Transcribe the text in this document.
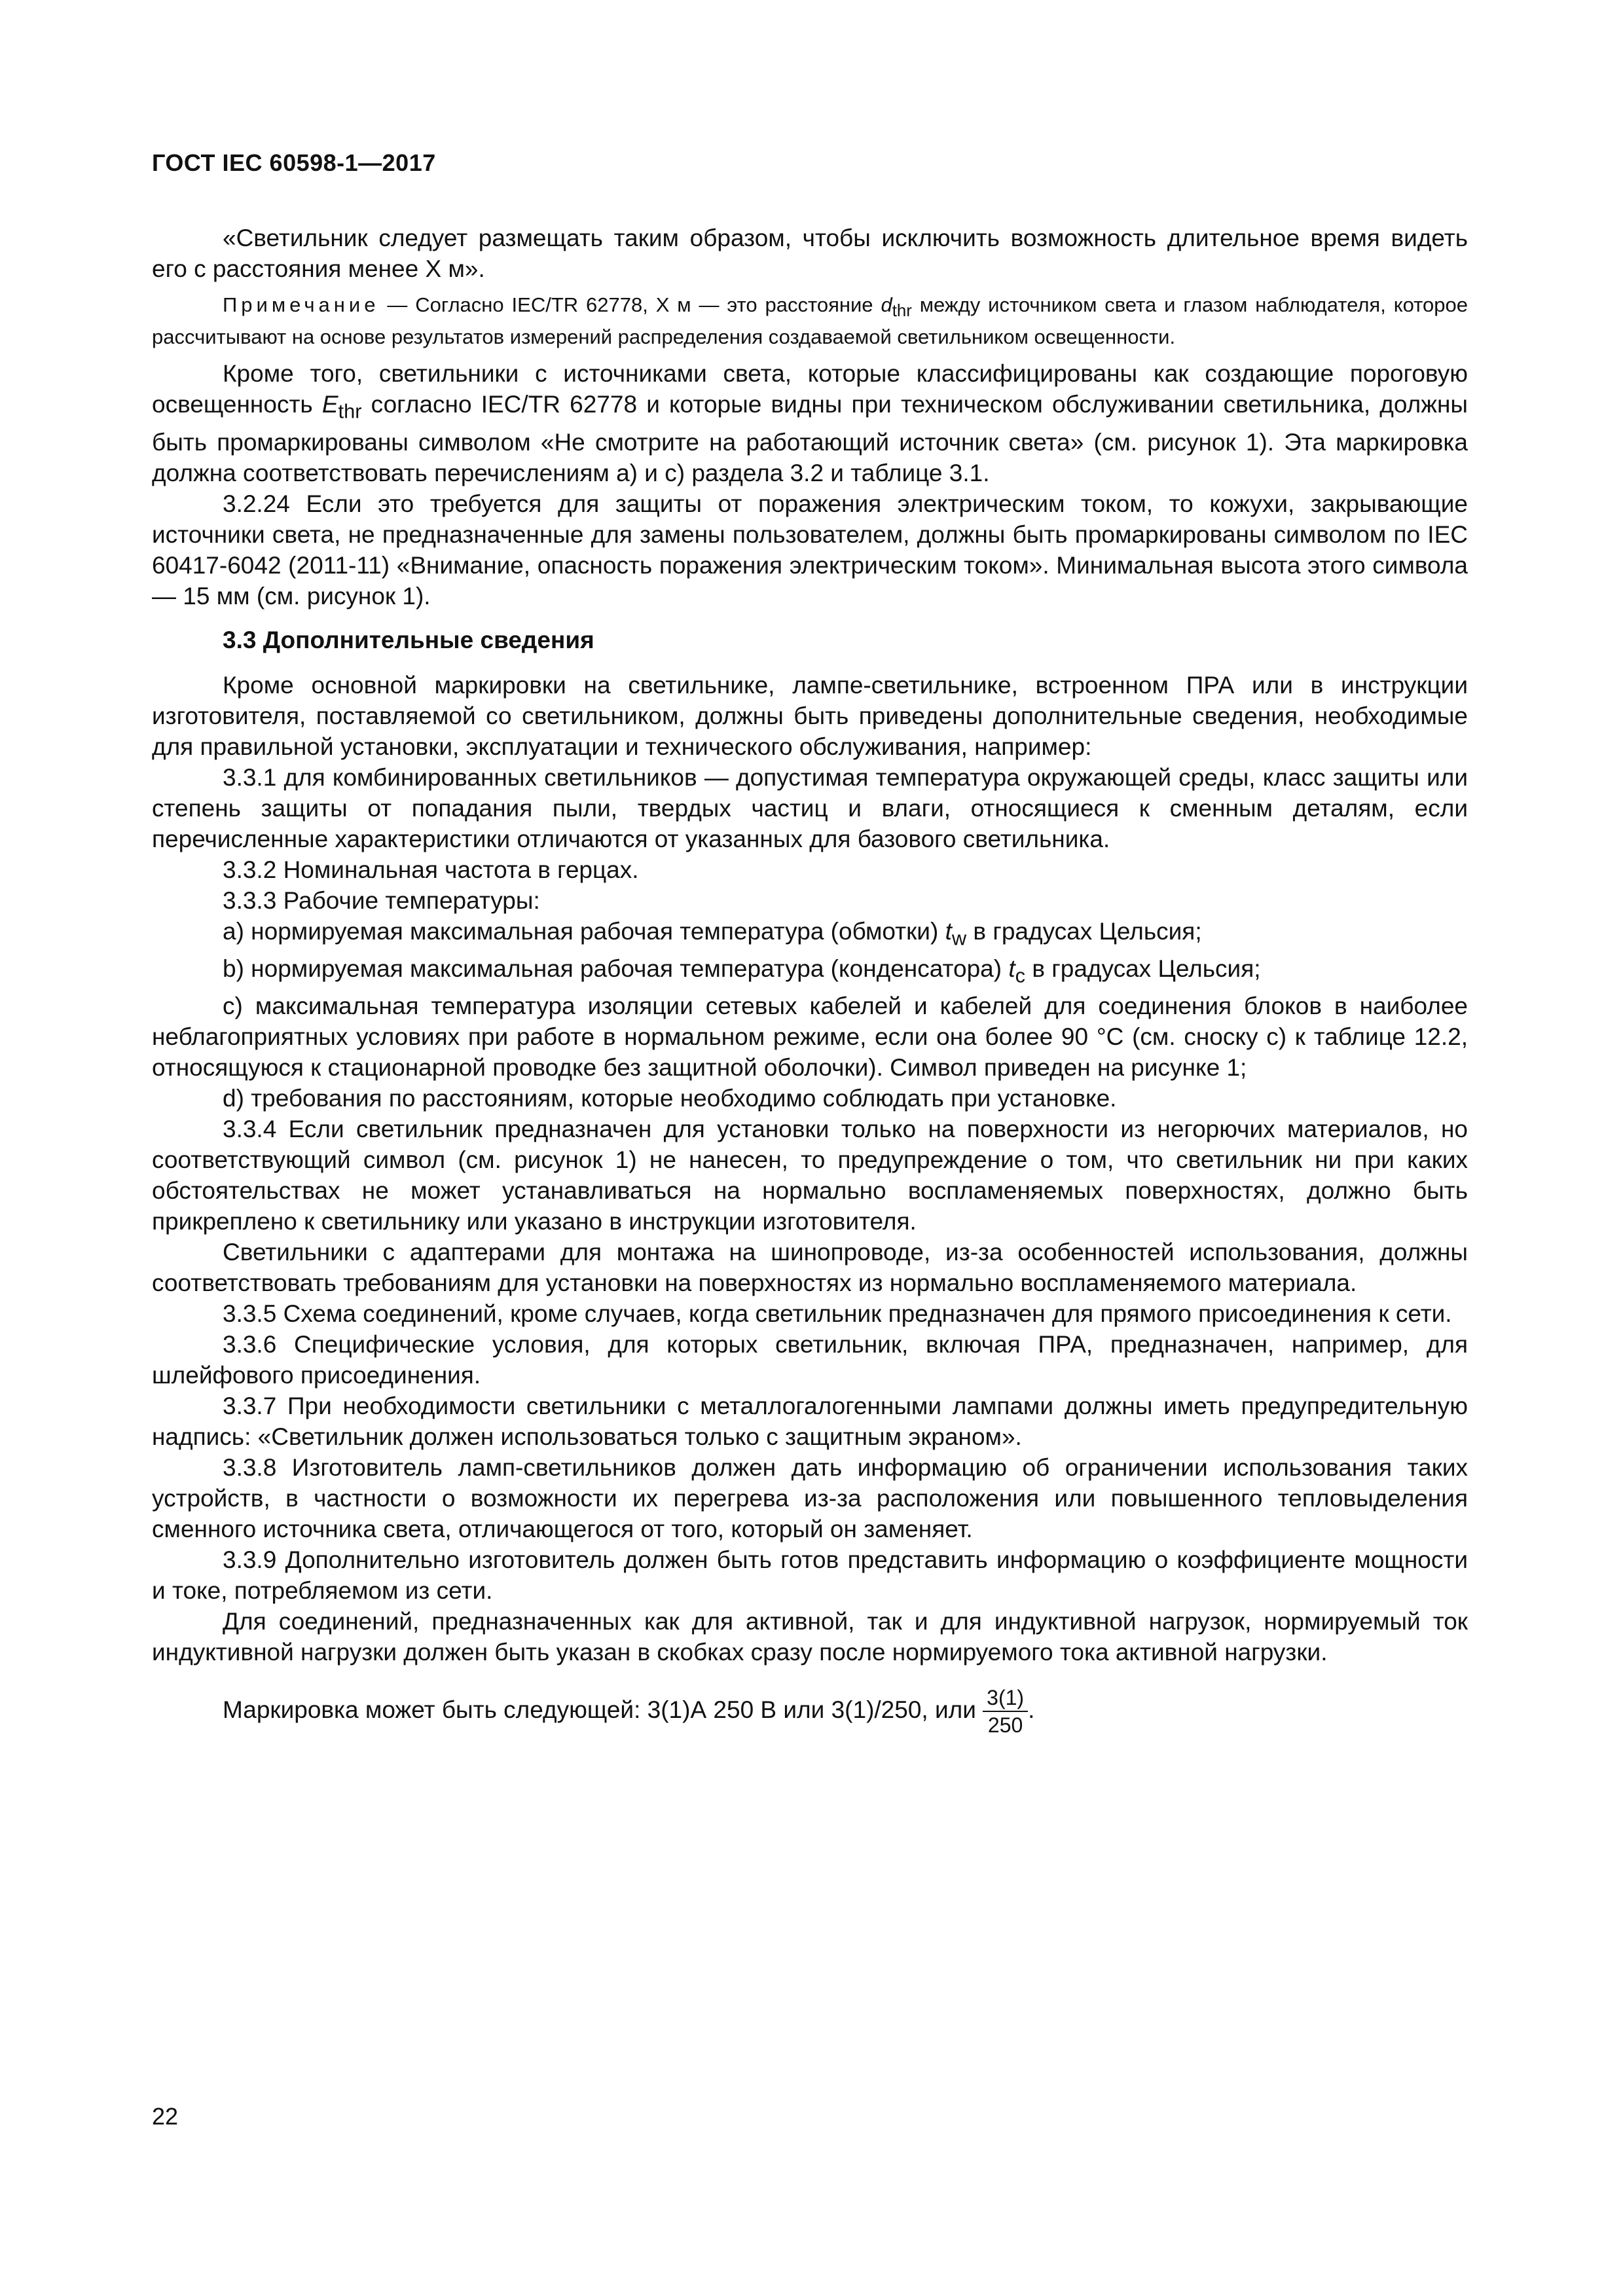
ГОСТ IEC 60598-1—2017

«Светильник следует размещать таким образом, чтобы исключить возможность длительное время видеть его с расстояния менее X м».

Примечание — Согласно IEC/TR 62778, X м — это расстояние $d_{thr}$ между источником света и глазом наблюдателя, которое рассчитывают на основе результатов измерений распределения создаваемой светильником освещенности.

Кроме того, светильники с источниками света, которые классифицированы как создающие пороговую освещенность $E_{thr}$ согласно IEC/TR 62778 и которые видны при техническом обслуживании светильника, должны быть промаркированы символом «Не смотрите на работающий источник света» (см. рисунок 1). Эта маркировка должна соответствовать перечислениям а) и с) раздела 3.2 и таблице 3.1.

3.2.24 Если это требуется для защиты от поражения электрическим током, то кожухи, закрывающие источники света, не предназначенные для замены пользователем, должны быть промаркированы символом по IEC 60417-6042 (2011-11) «Внимание, опасность поражения электрическим током». Минимальная высота этого символа — 15 мм (см. рисунок 1).

3.3 Дополнительные сведения

Кроме основной маркировки на светильнике, лампе-светильнике, встроенном ПРА или в инструкции изготовителя, поставляемой со светильником, должны быть приведены дополнительные сведения, необходимые для правильной установки, эксплуатации и технического обслуживания, например:

3.3.1 для комбинированных светильников — допустимая температура окружающей среды, класс защиты или степень защиты от попадания пыли, твердых частиц и влаги, относящиеся к сменным деталям, если перечисленные характеристики отличаются от указанных для базового светильника.

3.3.2 Номинальная частота в герцах.

3.3.3 Рабочие температуры:

a) нормируемая максимальная рабочая температура (обмотки) $t_w$ в градусах Цельсия;

b) нормируемая максимальная рабочая температура (конденсатора) $t_c$ в градусах Цельсия;

c) максимальная температура изоляции сетевых кабелей и кабелей для соединения блоков в наиболее неблагоприятных условиях при работе в нормальном режиме, если она более 90 °С (см. сноску с) к таблице 12.2, относящуюся к стационарной проводке без защитной оболочки). Символ приведен на рисунке 1;

d) требования по расстояниям, которые необходимо соблюдать при установке.

3.3.4 Если светильник предназначен для установки только на поверхности из негорючих материалов, но соответствующий символ (см. рисунок 1) не нанесен, то предупреждение о том, что светильник ни при каких обстоятельствах не может устанавливаться на нормально воспламеняемых поверхностях, должно быть прикреплено к светильнику или указано в инструкции изготовителя.

Светильники с адаптерами для монтажа на шинопроводе, из-за особенностей использования, должны соответствовать требованиям для установки на поверхностях из нормально воспламеняемого материала.

3.3.5 Схема соединений, кроме случаев, когда светильник предназначен для прямого присоединения к сети.

3.3.6 Специфические условия, для которых светильник, включая ПРА, предназначен, например, для шлейфового присоединения.

3.3.7 При необходимости светильники с металлогалогенными лампами должны иметь предупредительную надпись: «Светильник должен использоваться только с защитным экраном».

3.3.8 Изготовитель ламп-светильников должен дать информацию об ограничении использования таких устройств, в частности о возможности их перегрева из-за расположения или повышенного тепловыделения сменного источника света, отличающегося от того, который он заменяет.

3.3.9 Дополнительно изготовитель должен быть готов представить информацию о коэффициенте мощности и токе, потребляемом из сети.

Для соединений, предназначенных как для активной, так и для индуктивной нагрузок, нормируемый ток индуктивной нагрузки должен быть указан в скобках сразу после нормируемого тока активной нагрузки.

Маркировка может быть следующей: 3(1)А 250 В или 3(1)/250, или $\frac{3(1)}{250}$ .

22
